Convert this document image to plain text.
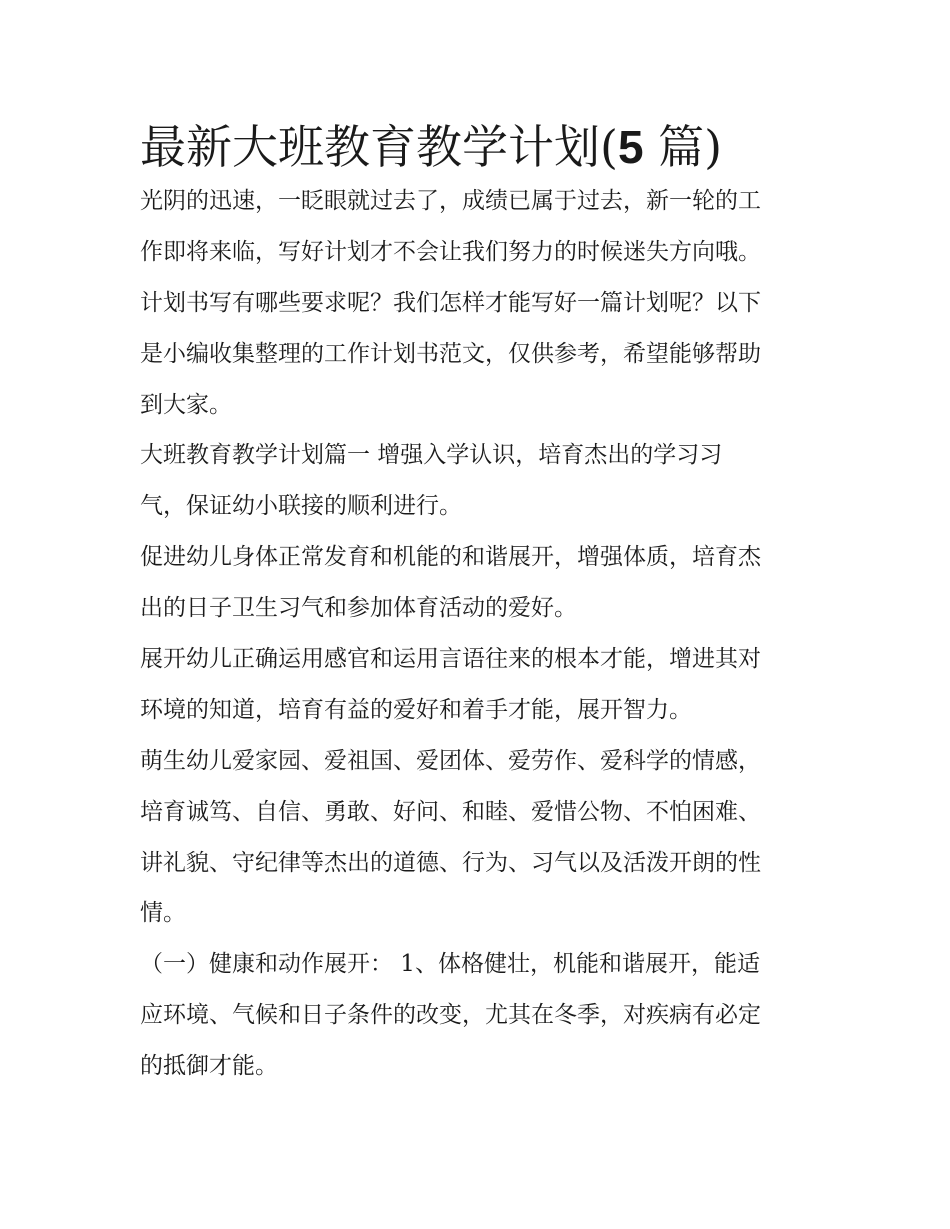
最新大班教育教学计划(5 篇)
光阴的迅速，一眨眼就过去了，成绩已属于过去，新一轮的工
作即将来临，写好计划才不会让我们努力的时候迷失方向哦。
计划书写有哪些要求呢？我们怎样才能写好一篇计划呢？以下
是小编收集整理的工作计划书范文，仅供参考，希望能够帮助
到大家。
大班教育教学计划篇一 增强入学认识，培育杰出的学习习
气，保证幼小联接的顺利进行。
促进幼儿身体正常发育和机能的和谐展开，增强体质，培育杰
出的日子卫生习气和参加体育活动的爱好。
展开幼儿正确运用感官和运用言语往来的根本才能，增进其对
环境的知道，培育有益的爱好和着手才能，展开智力。
萌生幼儿爱家园、爱祖国、爱团体、爱劳作、爱科学的情感，
培育诚笃、自信、勇敢、好问、和睦、爱惜公物、不怕困难、
讲礼貌、守纪律等杰出的道德、行为、习气以及活泼开朗的性
情。
（一）健康和动作展开： 1、体格健壮，机能和谐展开，能适
应环境、气候和日子条件的改变，尤其在冬季，对疾病有必定
的抵御才能。
